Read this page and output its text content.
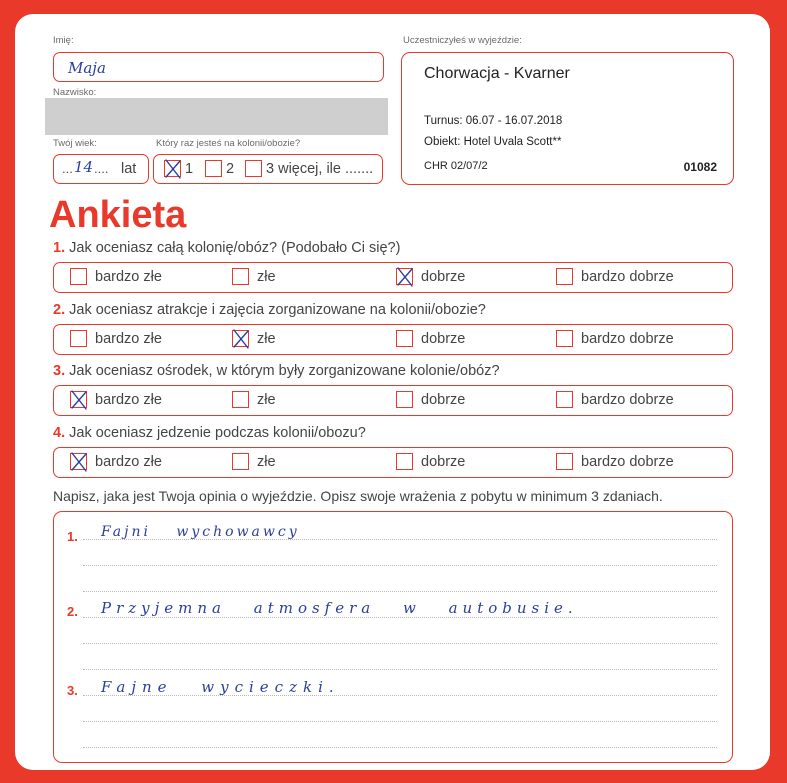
Imię:
Maja
Nazwisko:
Twój wiek:
... 14 .... lat
Który raz jesteś na kolonii/obozie?
1 2 3 więcej, ile .......
Uczestniczyłeś w wyjeździe:
Chorwacja - Kvarner
Turnus: 06.07 - 16.07.2018
Obiekt: Hotel Uvala Scott**
CHR 02/07/2	01082
Ankieta
1. Jak oceniasz całą kolonię/obóz? (Podobało Ci się?)
bardzo złe	złe	dobrze	bardzo dobrze
2. Jak oceniasz atrakcje i zajęcia zorganizowane na kolonii/obozie?
bardzo złe	złe	dobrze	bardzo dobrze
3. Jak oceniasz ośrodek, w którym były zorganizowane kolonie/obóz?
bardzo złe	złe	dobrze	bardzo dobrze
4. Jak oceniasz jedzenie podczas kolonii/obozu?
bardzo złe	złe	dobrze	bardzo dobrze
Napisz, jaka jest Twoja opinia o wyjeździe. Opisz swoje wrażenia z pobytu w minimum 3 zdaniach.
1. Fajni wychowawcy
2. Przyjemna atmosfera w autobusie.
3. Fajne wycieczki.
